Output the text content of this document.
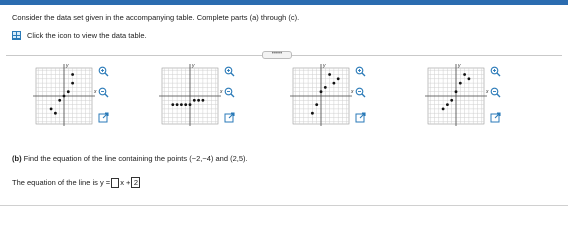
Consider the data set given in the accompanying table. Complete parts (a) through (c).
Click the icon to view the data table.
•••••
x
y
x
y
x
y
x
y
(b) Find the equation of the line containing the points (−2,−4) and (2,5).
The equation of the line is y = x + 2
